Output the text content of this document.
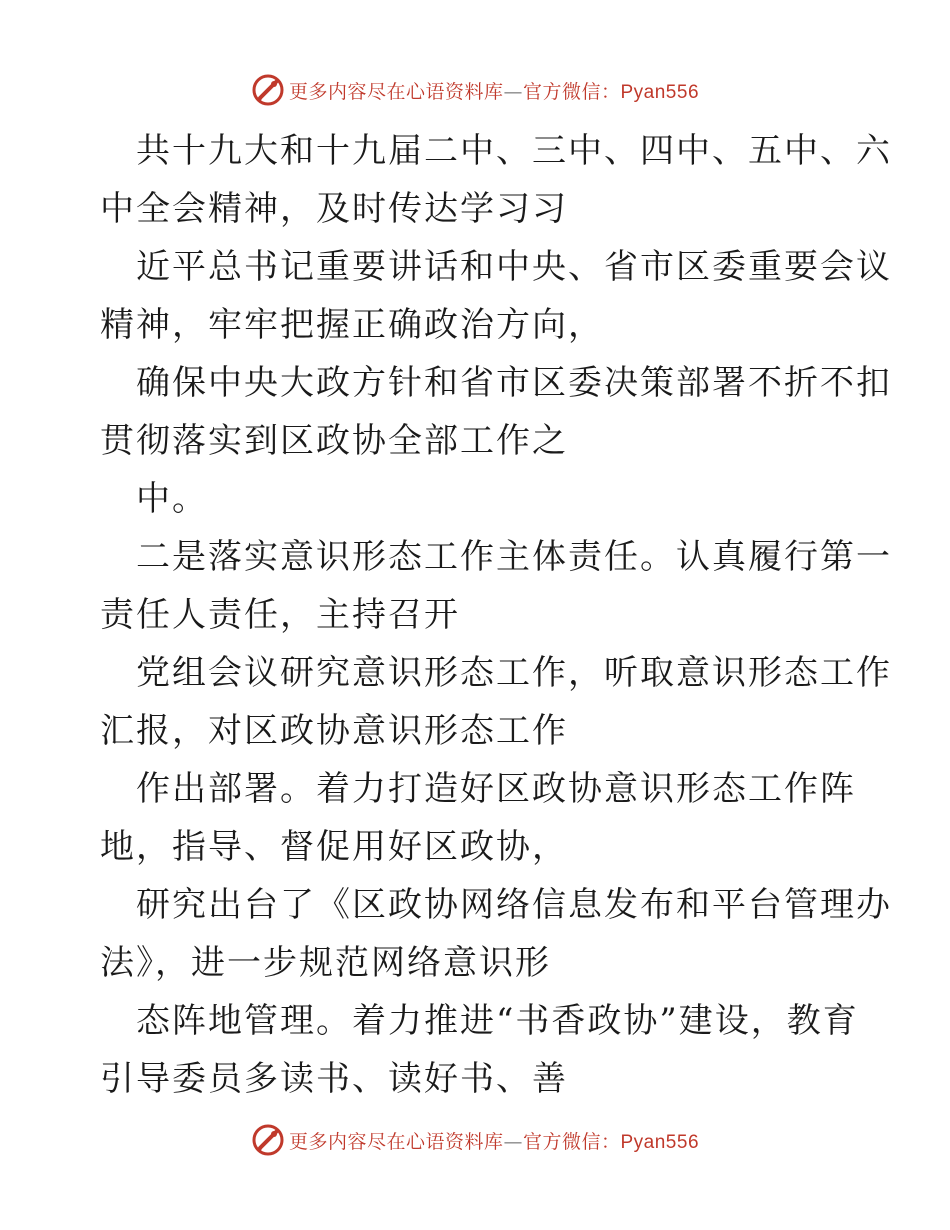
更多内容尽在心语资料库—官方微信：Pyan556
共十九大和十九届二中、三中、四中、五中、六
中全会精神，及时传达学习习
近平总书记重要讲话和中央、省市区委重要会议
精神，牢牢把握正确政治方向，
确保中央大政方针和省市区委决策部署不折不扣
贯彻落实到区政协全部工作之
中。
二是落实意识形态工作主体责任。认真履行第一
责任人责任，主持召开
党组会议研究意识形态工作，听取意识形态工作
汇报，对区政协意识形态工作
作出部署。着力打造好区政协意识形态工作阵
地，指导、督促用好区政协，
研究出台了《区政协网络信息发布和平台管理办
法》，进一步规范网络意识形
态阵地管理。着力推进“书香政协”建设，教育
引导委员多读书、读好书、善
更多内容尽在心语资料库—官方微信：Pyan556
